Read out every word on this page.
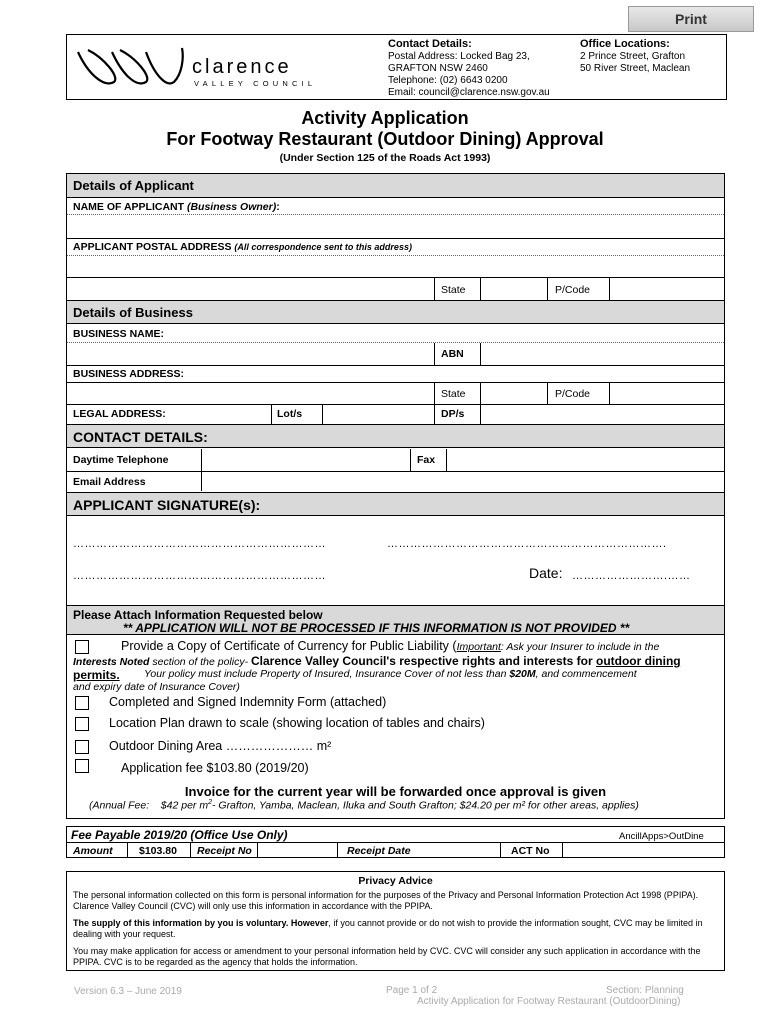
Print
clarence
VALLEY COUNCIL
Contact Details:
Postal Address: Locked Bag 23,
GRAFTON NSW 2460
Telephone: (02) 6643 0200
Email: council@clarence.nsw.gov.au
Office Locations:
2 Prince Street, Grafton
50 River Street, Maclean
Activity Application
For Footway Restaurant (Outdoor Dining) Approval
(Under Section 125 of the Roads Act 1993)
Details of Applicant
NAME OF APPLICANT (Business Owner):
APPLICANT POSTAL ADDRESS (All correspondence sent to this address)
State	P/Code
Details of Business
BUSINESS NAME:
ABN
BUSINESS ADDRESS:
State	P/Code
LEGAL ADDRESS:	Lot/s	DP/s
CONTACT DETAILS:
Daytime Telephone	Fax
Email Address
APPLICANT SIGNATURE(s):
…………………………………………………………	……………………………………………………………….
…………………………………………………………	Date: …………………….……
Please Attach Information Requested below
** APPLICATION WILL NOT BE PROCESSED IF THIS INFORMATION IS NOT PROVIDED **
Provide a Copy of Certificate of Currency for Public Liability (Important: Ask your Insurer to include in the
Interests Noted section of the policy- Clarence Valley Council's respective rights and interests for outdoor dining permits.	Your policy must include Property of Insured, Insurance Cover of not less than $20M, and commencement
and expiry date of Insurance Cover)
Completed and Signed Indemnity Form (attached)
Location Plan drawn to scale (showing location of tables and chairs)
Outdoor Dining Area ………………… m²
Application fee $103.80 (2019/20)
Invoice for the current year will be forwarded once approval is given
(Annual Fee: $42 per $m^2-$ Grafton, Yamba, Maclean, Iluka and South Grafton; $24.20 per m² for other areas, applies)
Fee Payable 2019/20 (Office Use Only)	AncillApps>OutDine
Amount	$103.80 Receipt No	Receipt Date	ACT No
Privacy Advice
The personal information collected on this form is personal information for the purposes of the Privacy and Personal Information Protection Act 1998 (PPIPA). Clarence Valley Council (CVC) will only use this information in accordance with the PPIPA.
The supply of this information by you is voluntary. However, if you cannot provide or do not wish to provide the information sought, CVC may be limited in dealing with your request.
You may make application for access or amendment to your personal information held by CVC. CVC will consider any such application in accordance with the PPIPA. CVC is to be regarded as the agency that holds the information.
Version 6.3 – June 2019	Page 1 of 2	Section: Planning
Activity Application for Footway Restaurant (OutdoorDining)
